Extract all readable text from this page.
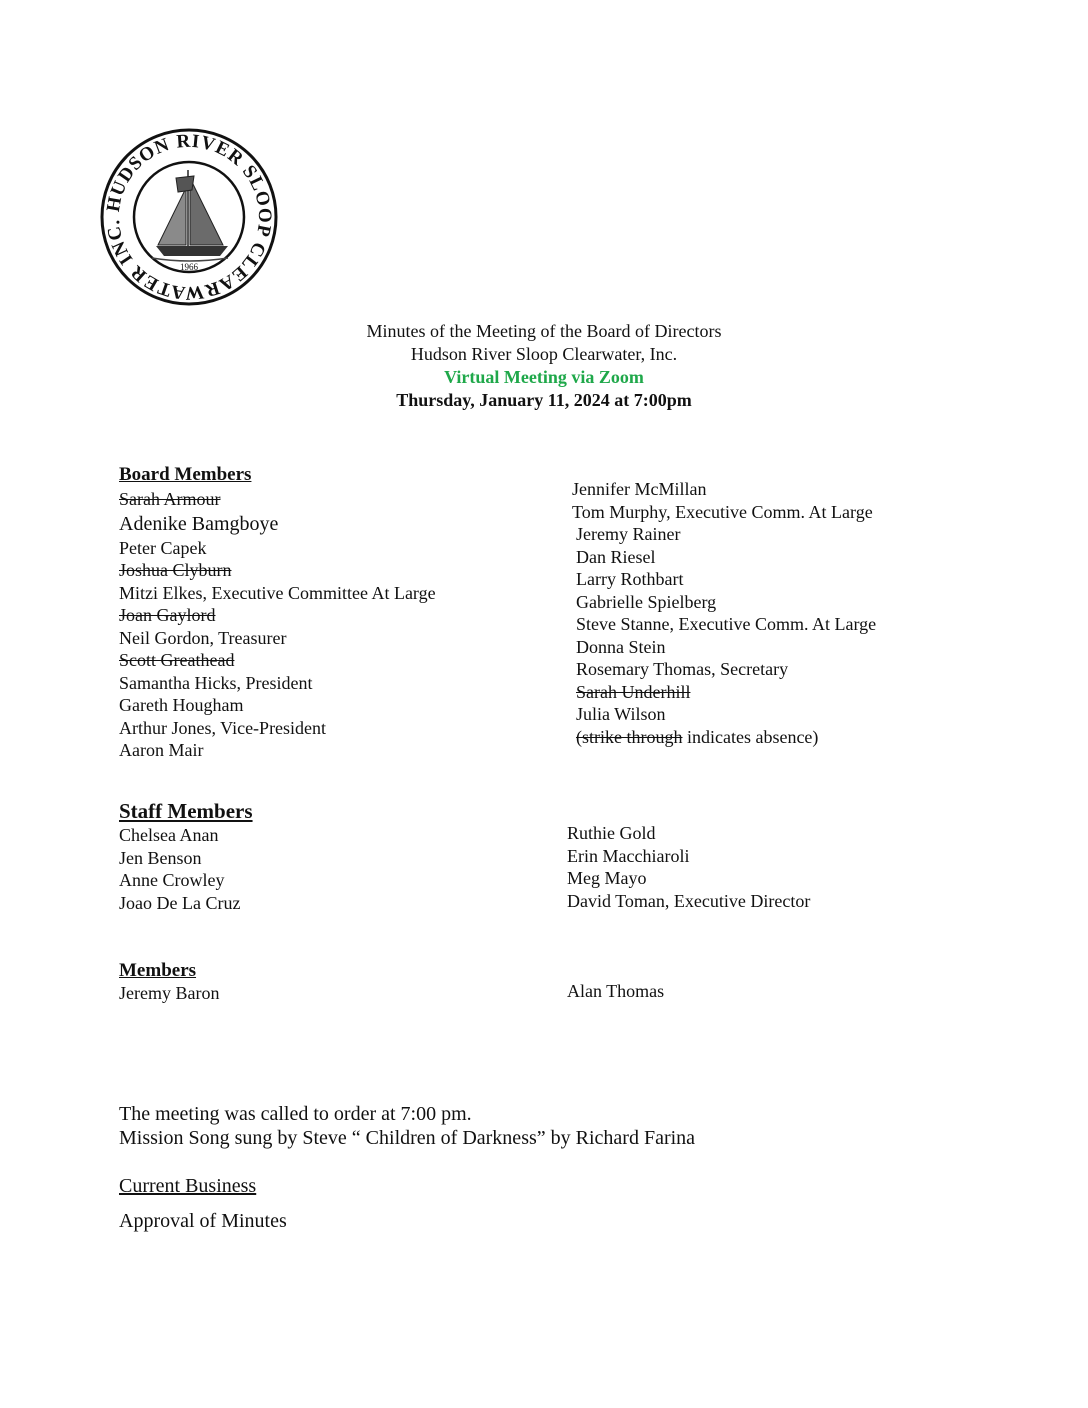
HUDSON RIVER SLOOP CLEARWATER INC.
1966
Minutes of the Meeting of the Board of Directors
Hudson River Sloop Clearwater, Inc.
Virtual Meeting via Zoom
Thursday, January 11, 2024 at 7:00pm
Board Members
Sarah Armour
Adenike Bamgboye
Peter Capek
Joshua Clyburn
Mitzi Elkes, Executive Committee At Large
Joan Gaylord
Neil Gordon, Treasurer
Scott Greathead
Samantha Hicks, President
Gareth Hougham
Arthur Jones, Vice-President
Aaron Mair
Jennifer McMillan
Tom Murphy, Executive Comm. At Large
Jeremy Rainer
Dan Riesel
Larry Rothbart
Gabrielle Spielberg
Steve Stanne, Executive Comm. At Large
Donna Stein
Rosemary Thomas, Secretary
Sarah Underhill
Julia Wilson
(strike through indicates absence)
Staff Members
Chelsea Anan
Jen Benson
Anne Crowley
Joao De La Cruz
Ruthie Gold
Erin Macchiaroli
Meg Mayo
David Toman, Executive Director
Members
Jeremy Baron	Alan Thomas
The meeting was called to order at 7:00 pm.
Mission Song sung by Steve “ Children of Darkness” by Richard Farina
Current Business
Approval of Minutes
